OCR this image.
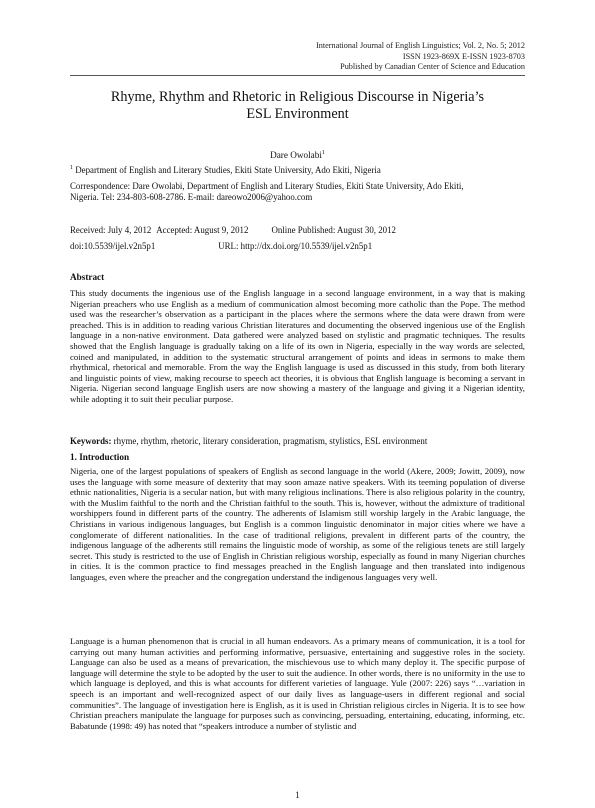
International Journal of English Linguistics; Vol. 2, No. 5; 2012
ISSN 1923-869X E-ISSN 1923-8703
Published by Canadian Center of Science and Education
Rhyme, Rhythm and Rhetoric in Religious Discourse in Nigeria’s
ESL Environment
Dare Owolabi$^1$
$^1$ Department of English and Literary Studies, Ekiti State University, Ado Ekiti, Nigeria
Correspondence: Dare Owolabi, Department of English and Literary Studies, Ekiti State University, Ado Ekiti,
Nigeria. Tel: 234-803-608-2786. E-mail: dareowo2006@yahoo.com
Received: July 4, 2012 Accepted: August 9, 2012	Online Published: August 30, 2012
doi:10.5539/ijel.v2n5p1	URL: http://dx.doi.org/10.5539/ijel.v2n5p1
Abstract
This study documents the ingenious use of the English language in a second language environment, in a way that is making Nigerian preachers who use English as a medium of communication almost becoming more catholic than the Pope. The method used was the researcher’s observation as a participant in the places where the sermons where the data were drawn from were preached. This is in addition to reading various Christian literatures and documenting the observed ingenious use of the English language in a non-native environment. Data gathered were analyzed based on stylistic and pragmatic techniques. The results showed that the English language is gradually taking on a life of its own in Nigeria, especially in the way words are selected, coined and manipulated, in addition to the systematic structural arrangement of points and ideas in sermons to make them rhythmical, rhetorical and memorable. From the way the English language is used as discussed in this study, from both literary and linguistic points of view, making recourse to speech act theories, it is obvious that English language is becoming a servant in Nigeria. Nigerian second language English users are now showing a mastery of the language and giving it a Nigerian identity, while adopting it to suit their peculiar purpose.
Keywords: rhyme, rhythm, rhetoric, literary consideration, pragmatism, stylistics, ESL environment
1. Introduction
Nigeria, one of the largest populations of speakers of English as second language in the world (Akere, 2009; Jowitt, 2009), now uses the language with some measure of dexterity that may soon amaze native speakers. With its teeming population of diverse ethnic nationalities, Nigeria is a secular nation, but with many religious inclinations. There is also religious polarity in the country, with the Muslim faithful to the north and the Christian faithful to the south. This is, however, without the admixture of traditional worshippers found in different parts of the country. The adherents of Islamism still worship largely in the Arabic language, the Christians in various indigenous languages, but English is a common linguistic denominator in major cities where we have a conglomerate of different nationalities. In the case of traditional religions, prevalent in different parts of the country, the indigenous language of the adherents still remains the linguistic mode of worship, as some of the religious tenets are still largely secret. This study is restricted to the use of English in Christian religious worship, especially as found in many Nigerian churches in cities. It is the common practice to find messages preached in the English language and then translated into indigenous languages, even where the preacher and the congregation understand the indigenous languages very well.
Language is a human phenomenon that is crucial in all human endeavors. As a primary means of communication, it is a tool for carrying out many human activities and performing informative, persuasive, entertaining and suggestive roles in the society. Language can also be used as a means of prevarication, the mischievous use to which many deploy it. The specific purpose of language will determine the style to be adopted by the user to suit the audience. In other words, there is no uniformity in the use to which language is deployed, and this is what accounts for different varieties of language. Yule (2007: 226) says “…variation in speech is an important and well-recognized aspect of our daily lives as language-users in different regional and social communities”. The language of investigation here is English, as it is used in Christian religious circles in Nigeria. It is to see how Christian preachers manipulate the language for purposes such as convincing, persuading, entertaining, educating, informing, etc. Babatunde (1998: 49) has noted that “speakers introduce a number of stylistic and
1
